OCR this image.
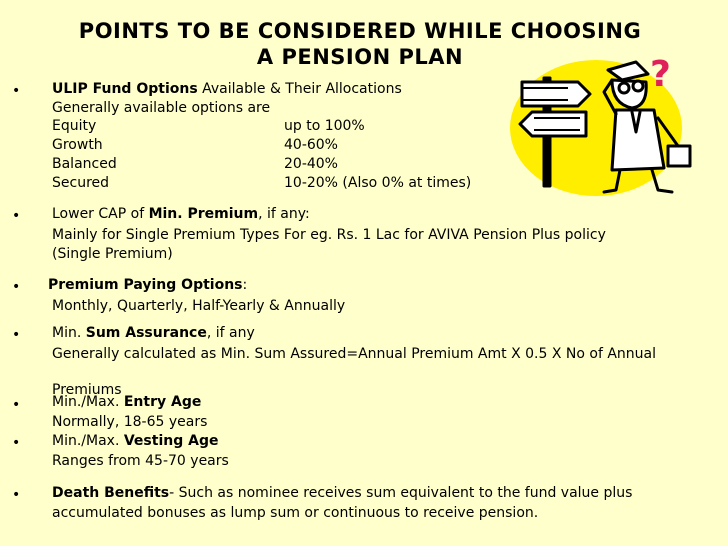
POINTS TO BE CONSIDERED WHILE CHOOSING
A PENSION PLAN	?
• ULIP Fund Options Available & Their Allocations
Generally available options are
Equity	up to 100%
Growth	40-60%
Balanced	20-40%
Secured	10-20% (Also 0% at times)
• Lower CAP of Min. Premium, if any:
Mainly for Single Premium Types For eg. Rs. 1 Lac for AVIVA Pension Plus policy
(Single Premium)
• Premium Paying Options:
Monthly, Quarterly, Half-Yearly & Annually
• Min. Sum Assurance, if any
Generally calculated as Min. Sum Assured=Annual Premium Amt X 0.5 X No of Annual
Premiums
• Min./Max. Entry Age
Normally, 18-65 years
• Min./Max. Vesting Age
Ranges from 45-70 years
• Death Benefits- Such as nominee receives sum equivalent to the fund value plus
accumulated bonuses as lump sum or continuous to receive pension.
